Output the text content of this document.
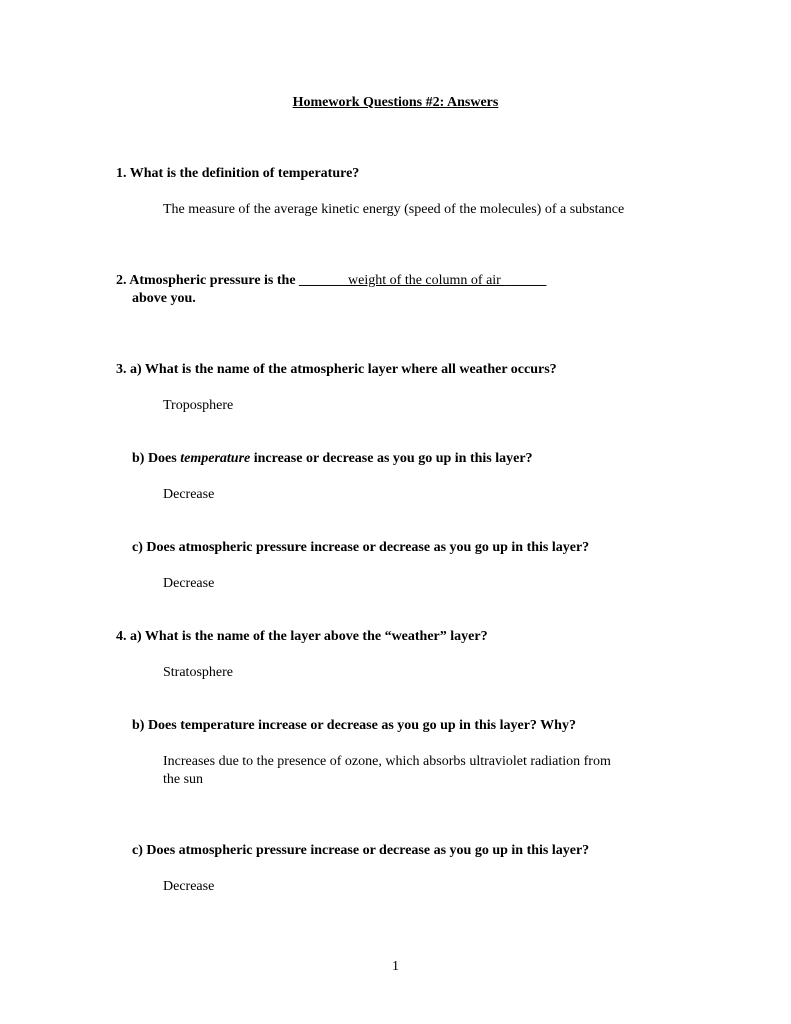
Homework Questions #2: Answers
1. What is the definition of temperature?
The measure of the average kinetic energy (speed of the molecules) of a substance
2. Atmospheric pressure is the _______weight of the column of air ______
above you.
3. a) What is the name of the atmospheric layer where all weather occurs?
Troposphere
b) Does temperature increase or decrease as you go up in this layer?
Decrease
c) Does atmospheric pressure increase or decrease as you go up in this layer?
Decrease
4. a) What is the name of the layer above the “weather” layer?
Stratosphere
b) Does temperature increase or decrease as you go up in this layer? Why?
Increases due to the presence of ozone, which absorbs ultraviolet radiation from
the sun
c) Does atmospheric pressure increase or decrease as you go up in this layer?
Decrease
1
